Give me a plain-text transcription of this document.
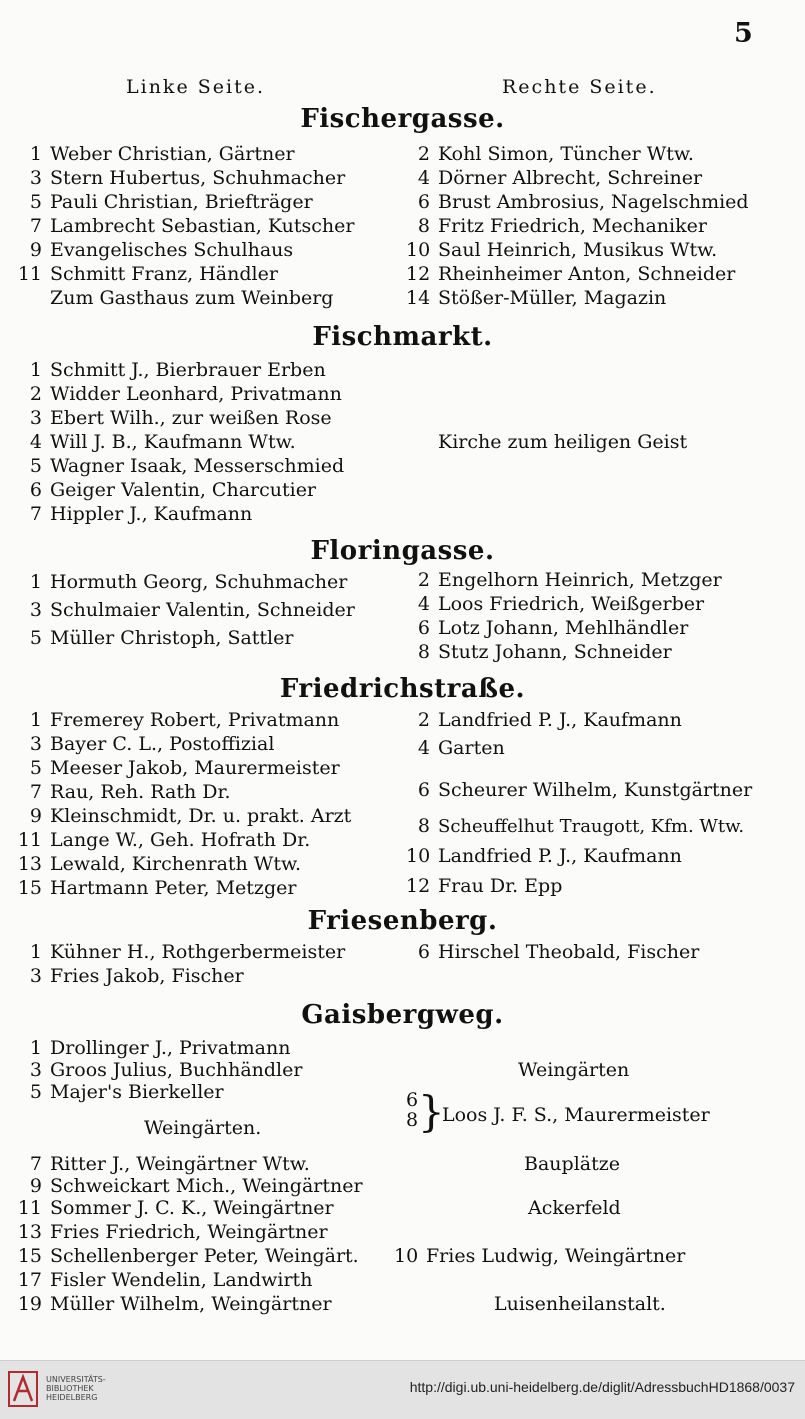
5
Linke Seite.	Rechte Seite.
Fischergasse.
1 Weber Christian, Gärtner
3 Stern Hubertus, Schuhmacher
5 Pauli Christian, Briefträger
7 Lambrecht Sebastian, Kutscher
9 Evangelisches Schulhaus
11 Schmitt Franz, Händler
Zum Gasthaus zum Weinberg
2 Kohl Simon, Tüncher Wtw.
4 Dörner Albrecht, Schreiner
6 Brust Ambrosius, Nagelschmied
8 Fritz Friedrich, Mechaniker
10 Saul Heinrich, Musikus Wtw.
12 Rheinheimer Anton, Schneider
14 Stößer-Müller, Magazin
Fischmarkt.
1 Schmitt J., Bierbrauer Erben
2 Widder Leonhard, Privatmann
3 Ebert Wilh., zur weißen Rose
4 Will J. B., Kaufmann Wtw.
5 Wagner Isaak, Messerschmied
6 Geiger Valentin, Charcutier
7 Hippler J., Kaufmann
Kirche zum heiligen Geist
Floringasse.
1 Hormuth Georg, Schuhmacher
3 Schulmaier Valentin, Schneider
5 Müller Christoph, Sattler
2 Engelhorn Heinrich, Metzger
4 Loos Friedrich, Weißgerber
6 Lotz Johann, Mehlhändler
8 Stutz Johann, Schneider
Friedrichstraße.
1 Fremerey Robert, Privatmann
3 Bayer C. L., Postoffizial
5 Meeser Jakob, Maurermeister
7 Rau, Reh. Rath Dr.
9 Kleinschmidt, Dr. u. prakt. Arzt
11 Lange W., Geh. Hofrath Dr.
13 Lewald, Kirchenrath Wtw.
15 Hartmann Peter, Metzger
2 Landfried P. J., Kaufmann
4 Garten
6 Scheurer Wilhelm, Kunstgärtner
8 Scheuffelhut Traugott, Kfm. Wtw.
10 Landfried P. J., Kaufmann
12 Frau Dr. Epp
Friesenberg.
1 Kühner H., Rothgerbermeister
3 Fries Jakob, Fischer
6 Hirschel Theobald, Fischer
Gaisbergweg.
1 Drollinger J., Privatmann
3 Groos Julius, Buchhändler
5 Majer's Bierkeller
Weingärten.
7 Ritter J., Weingärtner Wtw.
9 Schweickart Mich., Weingärtner
11 Sommer J. C. K., Weingärtner
13 Fries Friedrich, Weingärtner
15 Schellenberger Peter, Weingärt.
17 Fisler Wendelin, Landwirth
19 Müller Wilhelm, Weingärtner
Weingärten
6
8 }
Loos J. F. S., Maurermeister
Bauplätze
Ackerfeld
10 Fries Ludwig, Weingärtner
Luisenheilanstalt.
UNIVERSITÄTS-
BIBLIOTHEK
HEIDELBERG
http://digi.ub.uni-heidelberg.de/diglit/AdressbuchHD1868/0037
